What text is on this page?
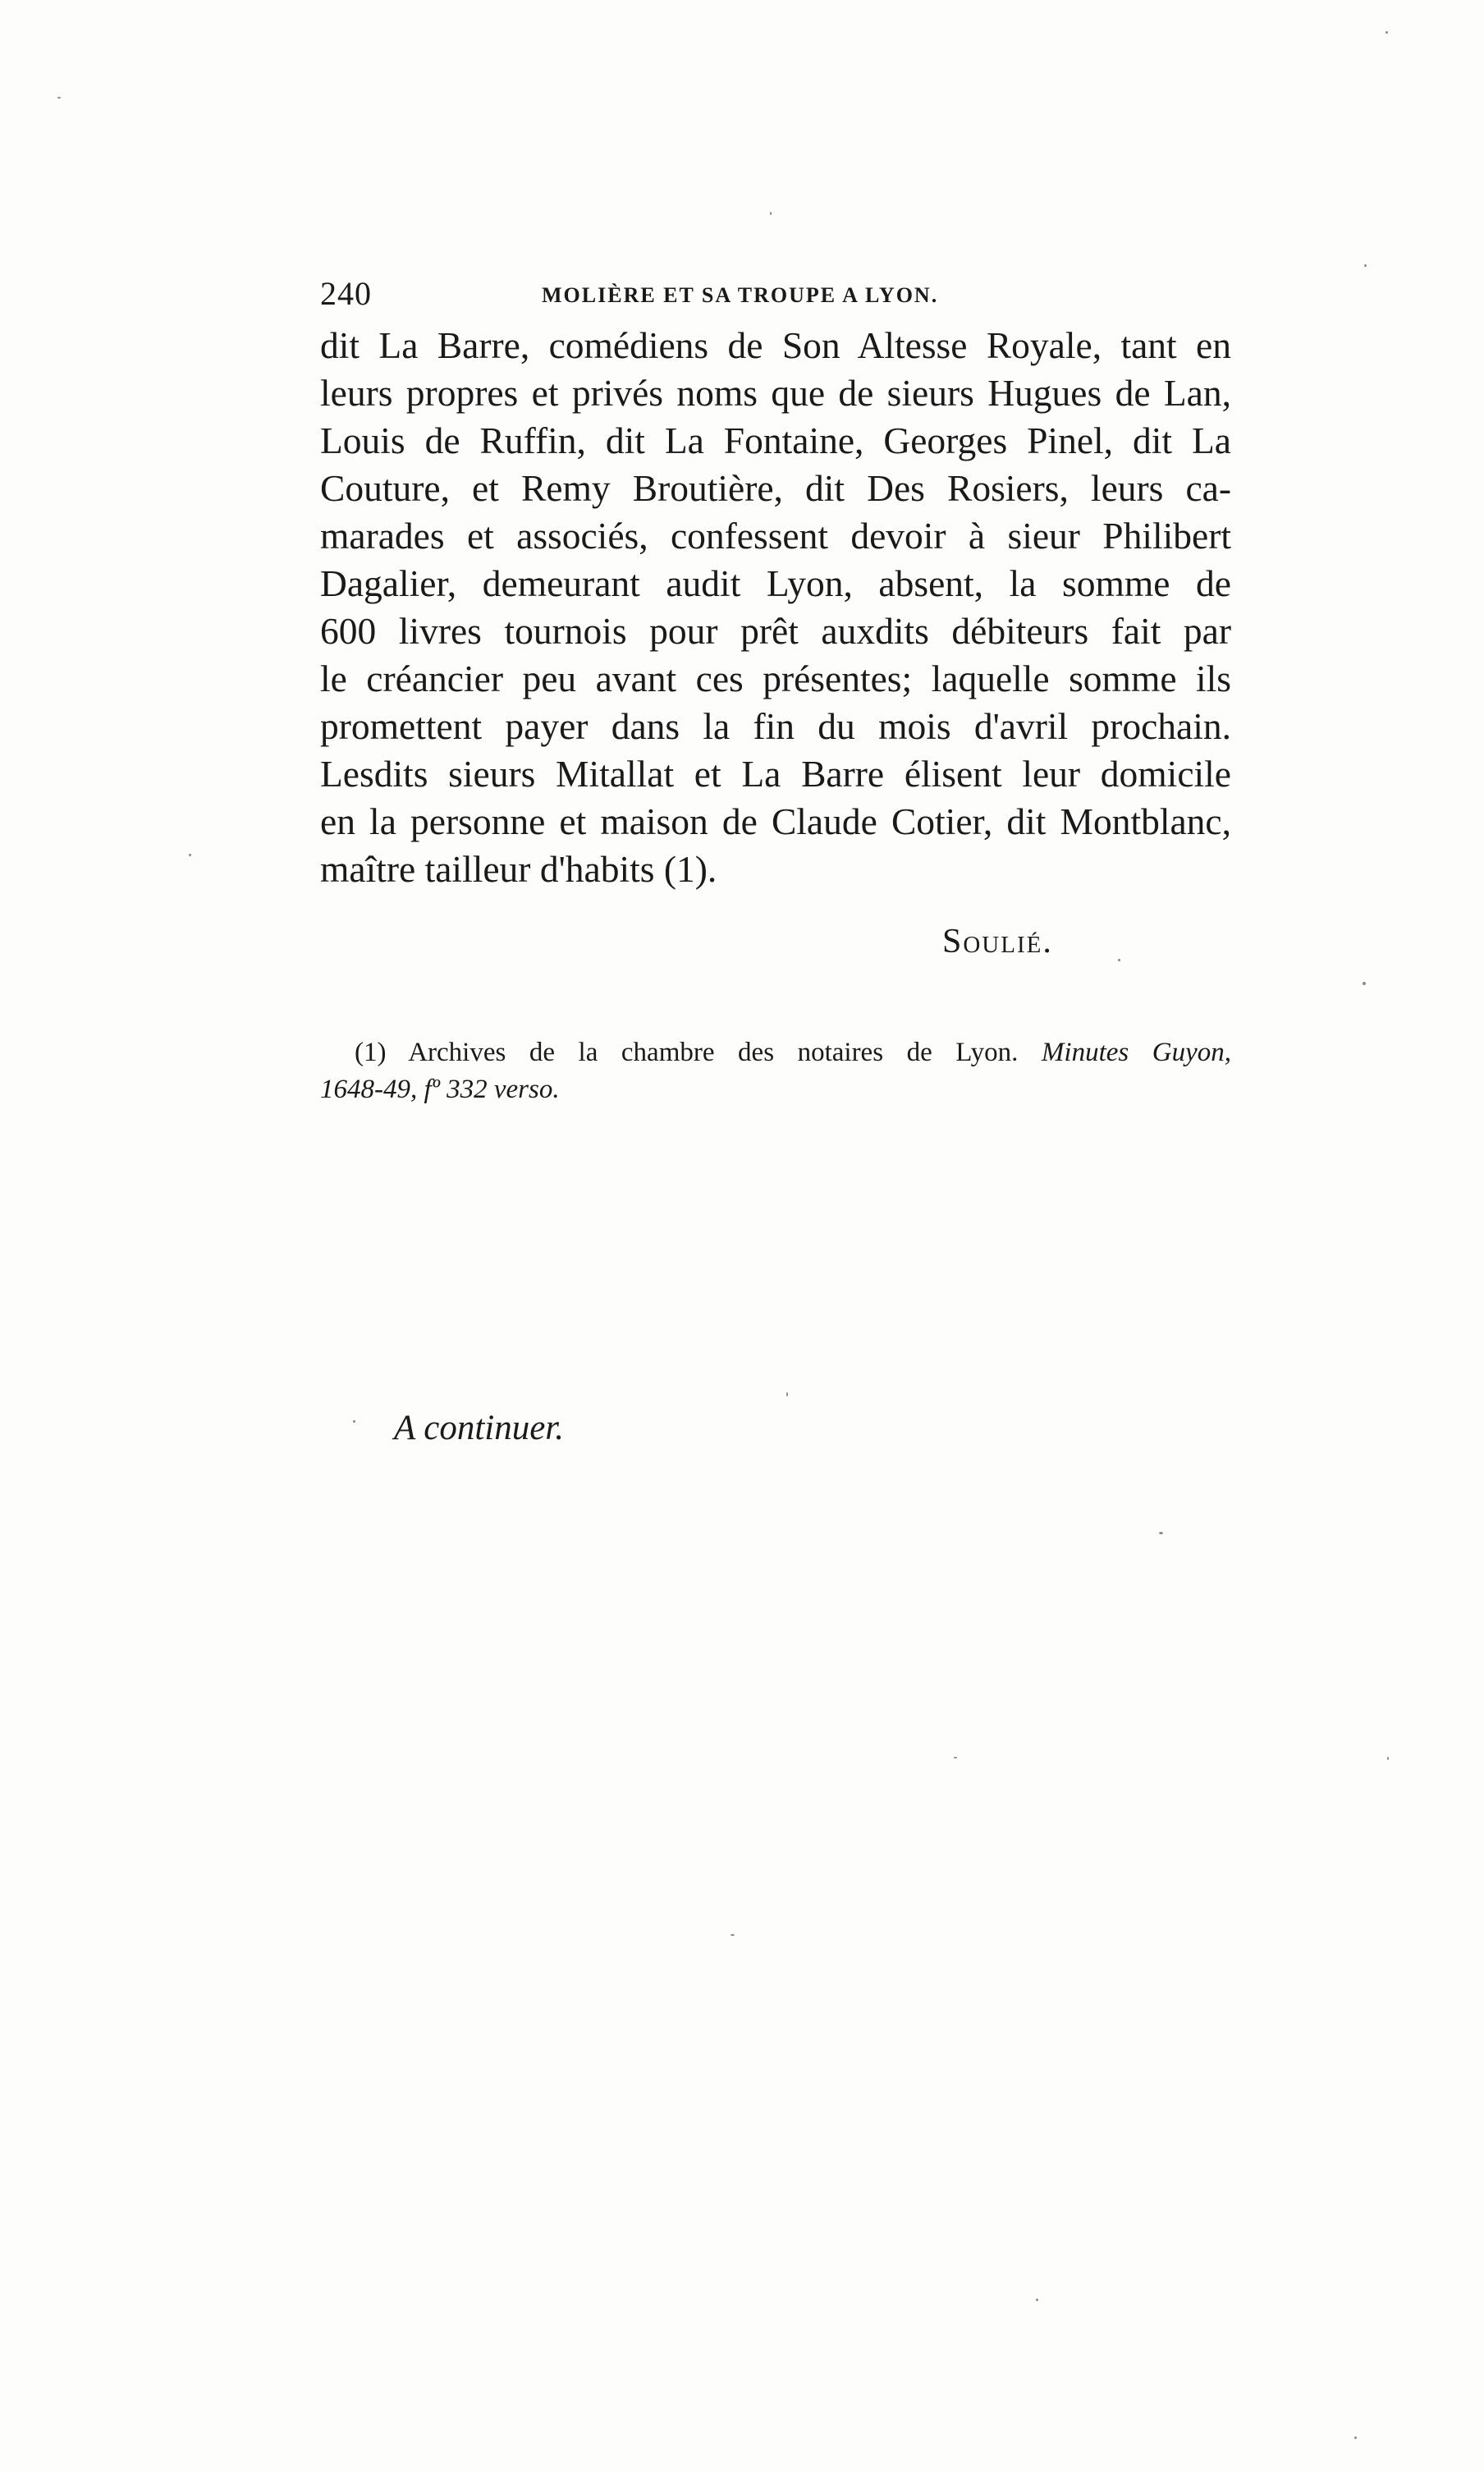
240	MOLIÈRE ET SA TROUPE A LYON.
dit La Barre, comédiens de Son Altesse Royale, tant en
leurs propres et privés noms que de sieurs Hugues de Lan,
Louis de Ruffin, dit La Fontaine, Georges Pinel, dit La
Couture, et Remy Broutière, dit Des Rosiers, leurs ca-
marades et associés, confessent devoir à sieur Philibert
Dagalier, demeurant audit Lyon, absent, la somme de
600 livres tournois pour prêt auxdits débiteurs fait par
le créancier peu avant ces présentes; laquelle somme ils
promettent payer dans la fin du mois d'avril prochain.
Lesdits sieurs Mitallat et La Barre élisent leur domicile
en la personne et maison de Claude Cotier, dit Montblanc,
maître tailleur d'habits (1).
Soulié.
(1) Archives de la chambre des notaires de Lyon. Minutes Guyon,
1648-49, fº 332 verso.
A continuer.
